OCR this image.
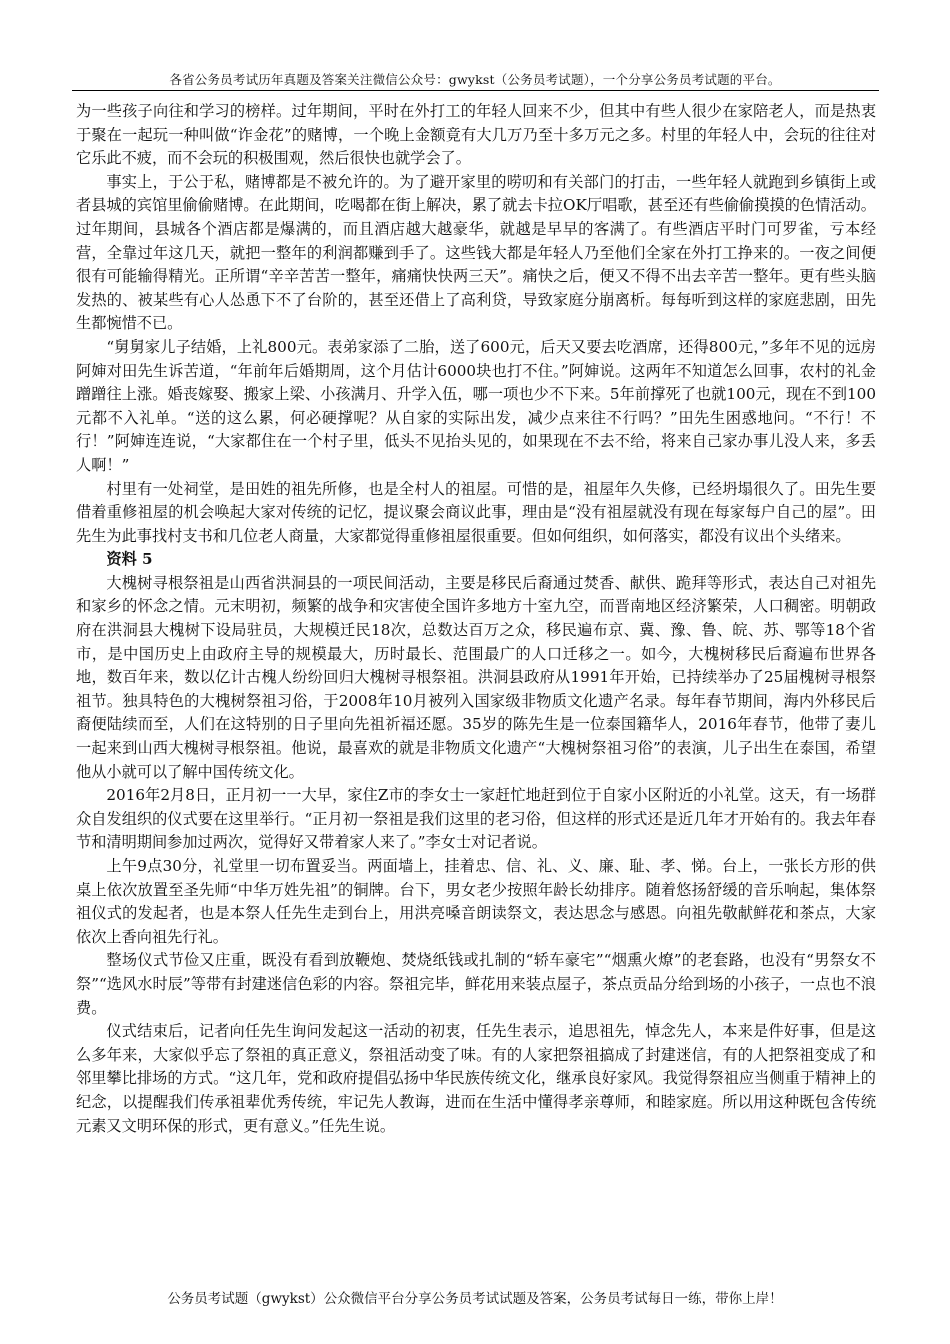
各省公务员考试历年真题及答案关注微信公众号：gwykst（公务员考试题），一个分享公务员考试题的平台。

为一些孩子向往和学习的榜样。过年期间，平时在外打工的年轻人回来不少，但其中有些人很少在家陪老人，而是热衷于聚在一起玩一种叫做“诈金花”的赌博，一个晚上金额竟有大几万乃至十多万元之多。村里的年轻人中，会玩的往往对它乐此不疲，而不会玩的积极围观，然后很快也就学会了。

事实上，于公于私，赌博都是不被允许的。为了避开家里的唠叨和有关部门的打击，一些年轻人就跑到乡镇街上或者县城的宾馆里偷偷赌博。在此期间，吃喝都在街上解决，累了就去卡拉OK厅唱歌，甚至还有些偷偷摸摸的色情活动。过年期间，县城各个酒店都是爆满的，而且酒店越大越豪华，就越是早早的客满了。有些酒店平时门可罗雀，亏本经营，全靠过年这几天，就把一整年的利润都赚到手了。这些钱大都是年轻人乃至他们全家在外打工挣来的。一夜之间便很有可能输得精光。正所谓“辛辛苦苦一整年，痛痛快快两三天”。痛快之后，便又不得不出去辛苦一整年。更有些头脑发热的、被某些有心人怂恿下不了台阶的，甚至还借上了高利贷，导致家庭分崩离析。每每听到这样的家庭悲剧，田先生都惋惜不已。

“舅舅家儿子结婚，上礼800元。表弟家添了二胎，送了600元，后天又要去吃酒席，还得800元，”多年不见的远房阿婶对田先生诉苦道，“年前年后婚期周，这个月估计6000块也打不住。”阿婶说。这两年不知道怎么回事，农村的礼金蹭蹭往上涨。婚丧嫁娶、搬家上梁、小孩满月、升学入伍，哪一项也少不下来。5年前撑死了也就100元，现在不到100元都不入礼单。“送的这么累，何必硬撑呢？从自家的实际出发，减少点来往不行吗？”田先生困惑地问。“不行！不行！”阿婶连连说，“大家都住在一个村子里，低头不见抬头见的，如果现在不去不给，将来自己家办事儿没人来，多丢人啊！”

村里有一处祠堂，是田姓的祖先所修，也是全村人的祖屋。可惜的是，祖屋年久失修，已经坍塌很久了。田先生要借着重修祖屋的机会唤起大家对传统的记忆，提议聚会商议此事，理由是“没有祖屋就没有现在每家每户自己的屋”。田先生为此事找村支书和几位老人商量，大家都觉得重修祖屋很重要。但如何组织，如何落实，都没有议出个头绪来。

资料 5

大槐树寻根祭祖是山西省洪洞县的一项民间活动，主要是移民后裔通过焚香、献供、跪拜等形式，表达自己对祖先和家乡的怀念之情。元末明初，频繁的战争和灾害使全国许多地方十室九空，而晋南地区经济繁荣，人口稠密。明朝政府在洪洞县大槐树下设局驻员，大规模迁民18次，总数达百万之众，移民遍布京、冀、豫、鲁、皖、苏、鄂等18个省市，是中国历史上由政府主导的规模最大，历时最长、范围最广的人口迁移之一。如今，大槐树移民后裔遍布世界各地，数百年来，数以亿计古槐人纷纷回归大槐树寻根祭祖。洪洞县政府从1991年开始，已持续举办了25届槐树寻根祭祖节。独具特色的大槐树祭祖习俗，于2008年10月被列入国家级非物质文化遗产名录。每年春节期间，海内外移民后裔便陆续而至，人们在这特别的日子里向先祖祈福还愿。35岁的陈先生是一位泰国籍华人，2016年春节，他带了妻儿一起来到山西大槐树寻根祭祖。他说，最喜欢的就是非物质文化遗产“大槐树祭祖习俗”的表演，儿子出生在泰国，希望他从小就可以了解中国传统文化。

2016年2月8日，正月初一一大早，家住Z市的李女士一家赶忙地赶到位于自家小区附近的小礼堂。这天，有一场群众自发组织的仪式要在这里举行。“正月初一祭祖是我们这里的老习俗，但这样的形式还是近几年才开始有的。我去年春节和清明期间参加过两次，觉得好又带着家人来了。”李女士对记者说。

上午9点30分，礼堂里一切布置妥当。两面墙上，挂着忠、信、礼、义、廉、耻、孝、悌。台上，一张长方形的供桌上依次放置至圣先师“中华万姓先祖”的铜牌。台下，男女老少按照年龄长幼排序。随着悠扬舒缓的音乐响起，集体祭祖仪式的发起者，也是本祭人任先生走到台上，用洪亮嗓音朗读祭文，表达思念与感恩。向祖先敬献鲜花和茶点，大家依次上香向祖先行礼。

整场仪式节俭又庄重，既没有看到放鞭炮、焚烧纸钱或扎制的“轿车豪宅”“烟熏火燎”的老套路，也没有“男祭女不祭”“选风水时辰”等带有封建迷信色彩的内容。祭祖完毕，鲜花用来装点屋子，茶点贡品分给到场的小孩子，一点也不浪费。

仪式结束后，记者向任先生询问发起这一活动的初衷，任先生表示，追思祖先，悼念先人，本来是件好事，但是这么多年来，大家似乎忘了祭祖的真正意义，祭祖活动变了味。有的人家把祭祖搞成了封建迷信，有的人把祭祖变成了和邻里攀比排场的方式。“这几年，党和政府提倡弘扬中华民族传统文化，继承良好家风。我觉得祭祖应当侧重于精神上的纪念，以提醒我们传承祖辈优秀传统，牢记先人教诲，进而在生活中懂得孝亲尊师，和睦家庭。所以用这种既包含传统元素又文明环保的形式，更有意义。”任先生说。

公务员考试题（gwykst）公众微信平台分享公务员考试试题及答案，公务员考试每日一练，带你上岸！
